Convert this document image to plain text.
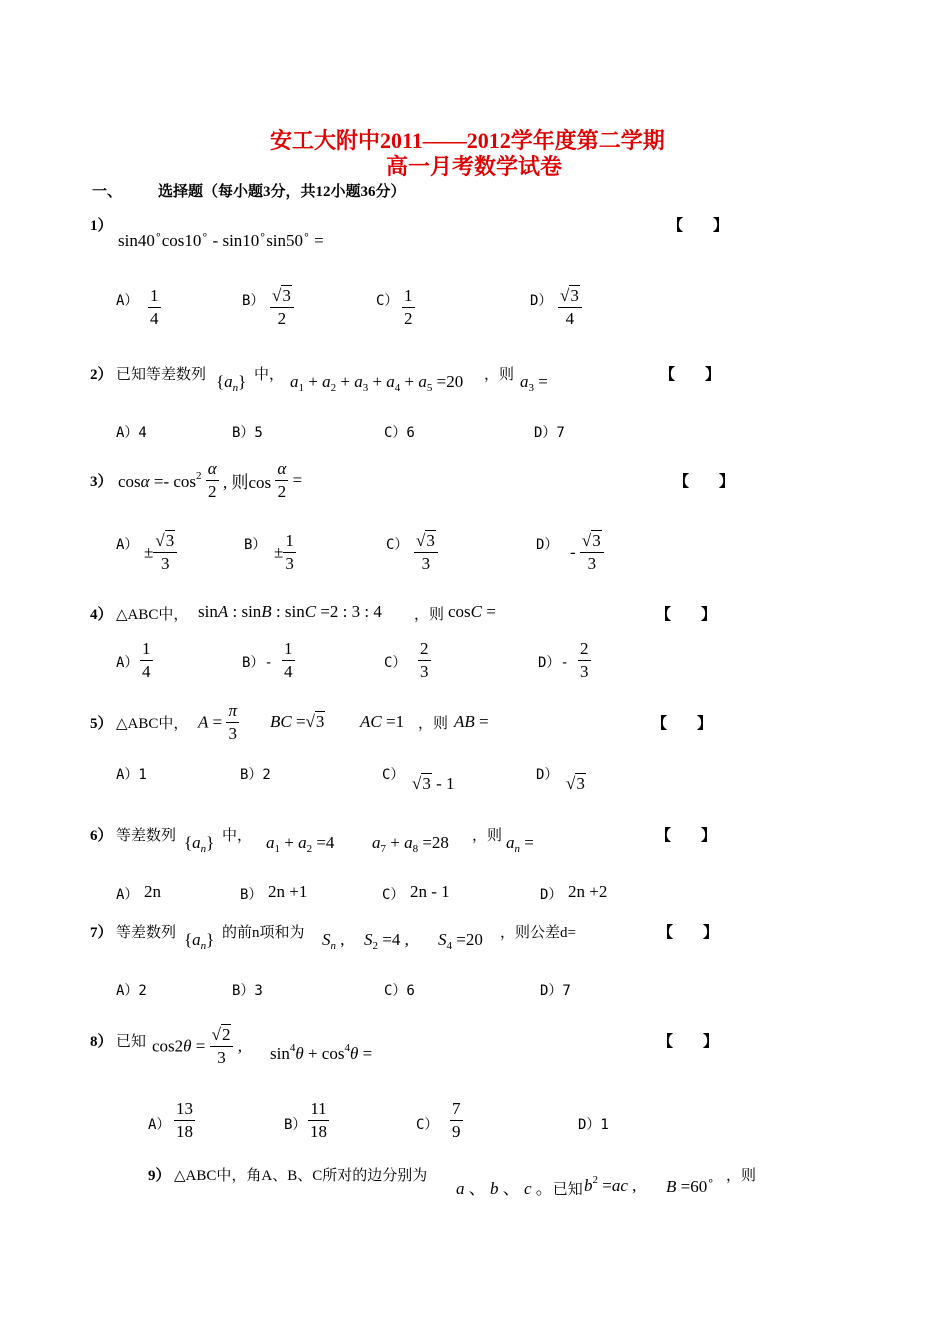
安工大附中2011——2012学年度第二学期
高一月考数学试卷
一、 选择题（每小题3分，共12小题36分）
1）
sin40∘cos10∘ - sin10∘sin50∘ =
【　　】
$A) \frac{1}{4}$	$B) \frac{√3}{2}$	$C) \frac{1}{2}$	$D) \frac{√3}{4}$
2） 已知等差数列 $\{a_n\}$ 中， $a_1 + a_2 + a_3 + a_4 + a_5 =20$ ，则 $a_3$ =	【　　】
A）4	B）5	C）6	D）7
3） $\cos\alpha =- \cos^2 \frac{\alpha}{2}$ , 则$\cos \frac{\alpha}{2}$ =	【　　】
$A) \pm \frac{√3}{3}$	$B) \pm \frac{1}{3}$	$C) \frac{√3}{3}$	$D) - \frac{√3}{3}$
4） △ABC中， sinA : sinB : sinC =2 : 3 : 4 ，则 cosC =	【　　】
$A) \frac{1}{4}$	$B)- \frac{1}{4}$	$C) \frac{2}{3}$	$D)- \frac{2}{3}$
5） △ABC中， $A = \frac{\pi}{3}$ BC =√3 AC =1 ，则 AB =	【　　】
A）1	B）2	C） √3 - 1	D） √3
6） 等差数列 $\{a_n\}$ 中， $a_1 + a_2 =4$ $a_7 + a_8 =28$ ，则 $a_n$ =	【　　】
A） 2n	B） 2n +1	C） 2n - 1	D） 2n +2
7） 等差数列 $\{a_n\}$ 的前n项和为 $S_n$ , $S_2 =4$ , $S_4 =20$ ，则公差d=	【　　】
A）2	B）3	C）6	D）7
8） 已知 $\cos 2\theta = \frac{√2}{3}$ , $\sin^4\theta + \cos^4\theta$ =
【　　】
$A) \frac{13}{18}$	$B) \frac{11}{18}$	$C) \frac{7}{9}$	D）1
9） △ABC中，角A、B、C所对的边分别为
a 、 b 、 c 。已知 $b^2 =ac$ , B =60∘ ，则
